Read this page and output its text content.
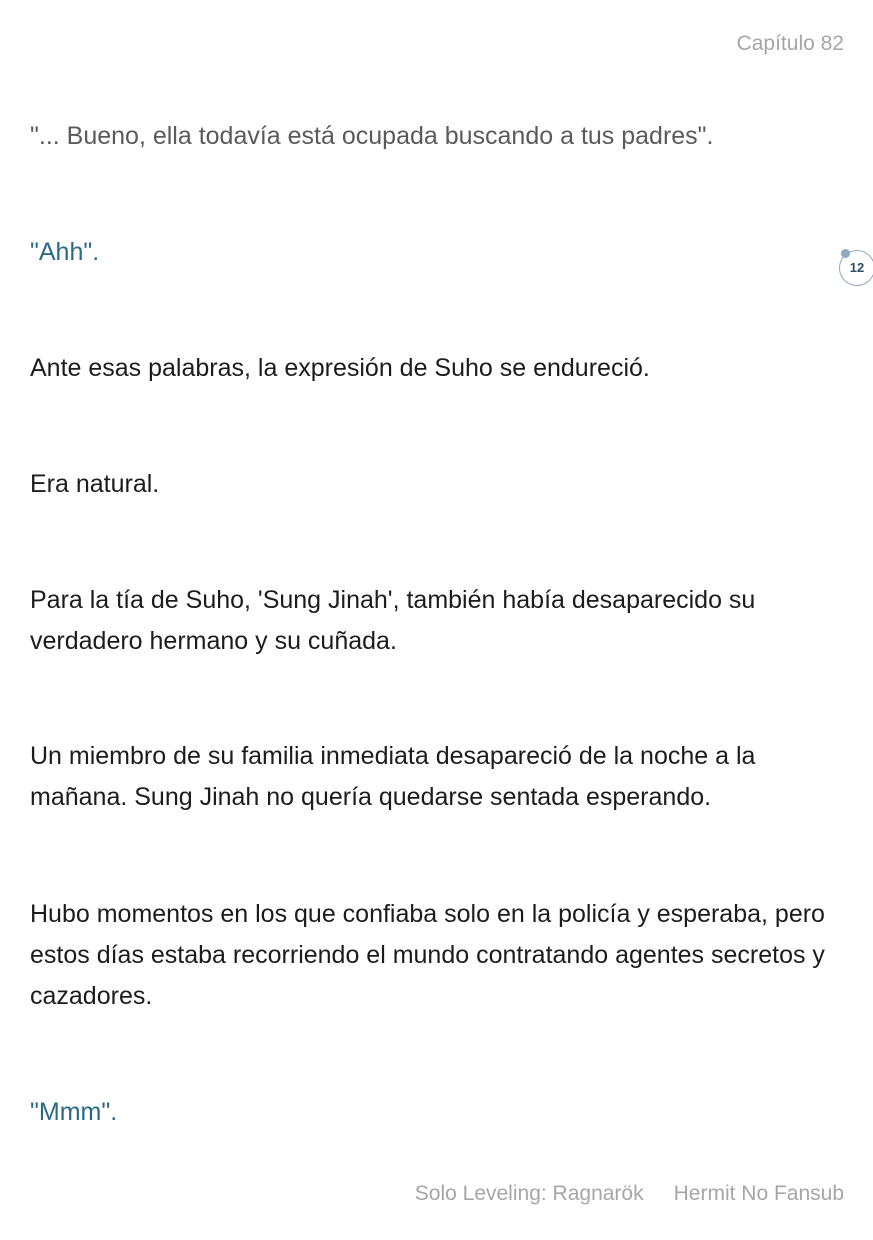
Capítulo 82
"... Bueno, ella todavía está ocupada buscando a tus padres".
"Ahh".
12
Ante esas palabras, la expresión de Suho se endureció.
Era natural.
Para la tía de Suho, 'Sung Jinah', también había desaparecido su verdadero hermano y su cuñada.
Un miembro de su familia inmediata desapareció de la noche a la mañana. Sung Jinah no quería quedarse sentada esperando.
Hubo momentos en los que confiaba solo en la policía y esperaba, pero estos días estaba recorriendo el mundo contratando agentes secretos y cazadores.
"Mmm".
Solo Leveling: Ragnarök Hermit No Fansub
